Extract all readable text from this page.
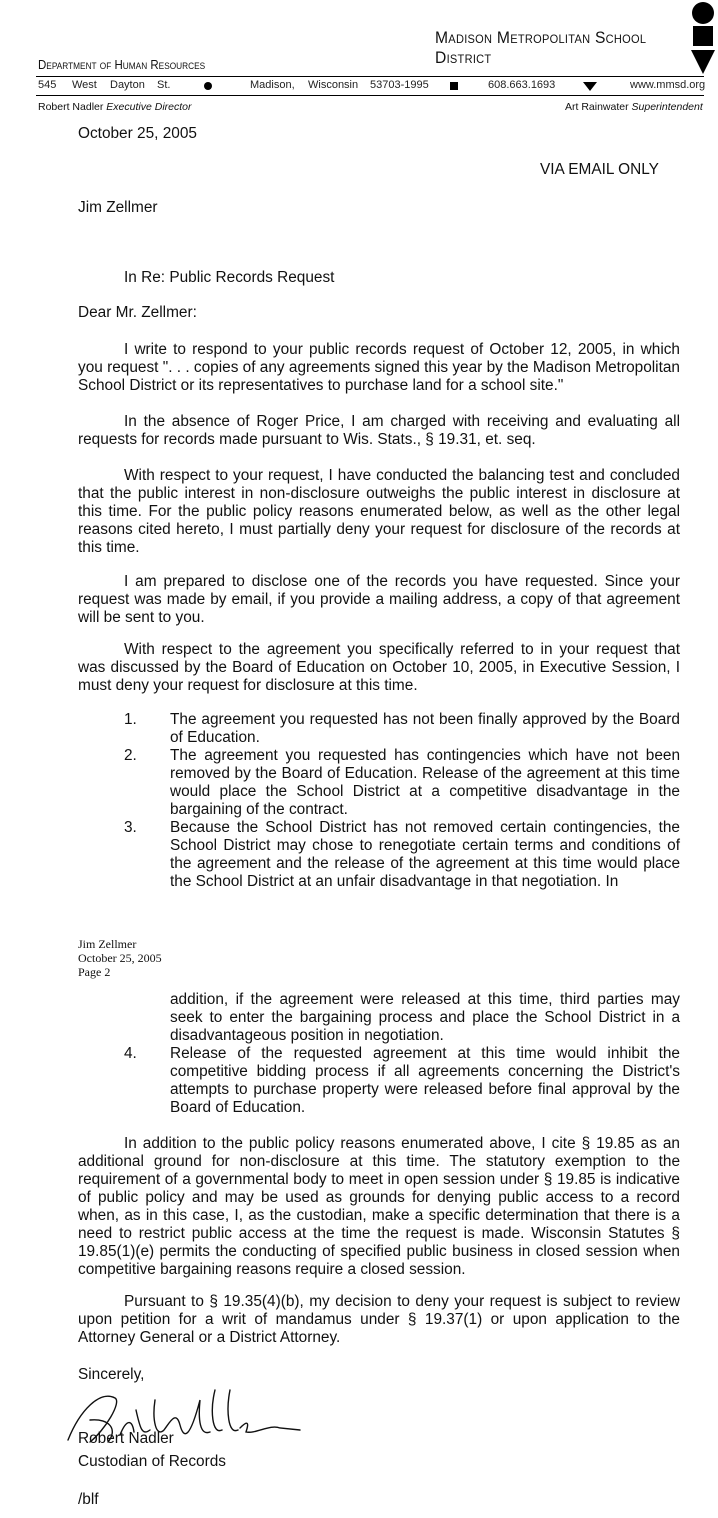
Madison Metropolitan School District
Department of Human Resources
545 West Dayton St.	Madison, Wisconsin 53703-1995	608.663.1693	www.mmsd.org
Robert Nadler Executive Director	Art Rainwater Superintendent
October 25, 2005
VIA EMAIL ONLY
Jim Zellmer
In Re: Public Records Request
Dear Mr. Zellmer:
I write to respond to your public records request of October 12, 2005, in which you request ". . . copies of any agreements signed this year by the Madison Metropolitan School District or its representatives to purchase land for a school site."
In the absence of Roger Price, I am charged with receiving and evaluating all requests for records made pursuant to Wis. Stats., § 19.31, et. seq.
With respect to your request, I have conducted the balancing test and concluded that the public interest in non-disclosure outweighs the public interest in disclosure at this time. For the public policy reasons enumerated below, as well as the other legal reasons cited hereto, I must partially deny your request for disclosure of the records at this time.
I am prepared to disclose one of the records you have requested. Since your request was made by email, if you provide a mailing address, a copy of that agreement will be sent to you.
With respect to the agreement you specifically referred to in your request that was discussed by the Board of Education on October 10, 2005, in Executive Session, I must deny your request for disclosure at this time.
1. The agreement you requested has not been finally approved by the Board of Education.
2. The agreement you requested has contingencies which have not been removed by the Board of Education. Release of the agreement at this time would place the School District at a competitive disadvantage in the bargaining of the contract.
3. Because the School District has not removed certain contingencies, the School District may chose to renegotiate certain terms and conditions of the agreement and the release of the agreement at this time would place the School District at an unfair disadvantage in that negotiation. In
Jim Zellmer
October 25, 2005
Page 2
addition, if the agreement were released at this time, third parties may seek to enter the bargaining process and place the School District in a disadvantageous position in negotiation.
4. Release of the requested agreement at this time would inhibit the competitive bidding process if all agreements concerning the District's attempts to purchase property were released before final approval by the Board of Education.
In addition to the public policy reasons enumerated above, I cite § 19.85 as an additional ground for non-disclosure at this time. The statutory exemption to the requirement of a governmental body to meet in open session under § 19.85 is indicative of public policy and may be used as grounds for denying public access to a record when, as in this case, I, as the custodian, make a specific determination that there is a need to restrict public access at the time the request is made. Wisconsin Statutes § 19.85(1)(e) permits the conducting of specified public business in closed session when competitive bargaining reasons require a closed session.
Pursuant to § 19.35(4)(b), my decision to deny your request is subject to review upon petition for a writ of mandamus under § 19.37(1) or upon application to the Attorney General or a District Attorney.
Sincerely,
Robert Nadler
Custodian of Records
/blf
